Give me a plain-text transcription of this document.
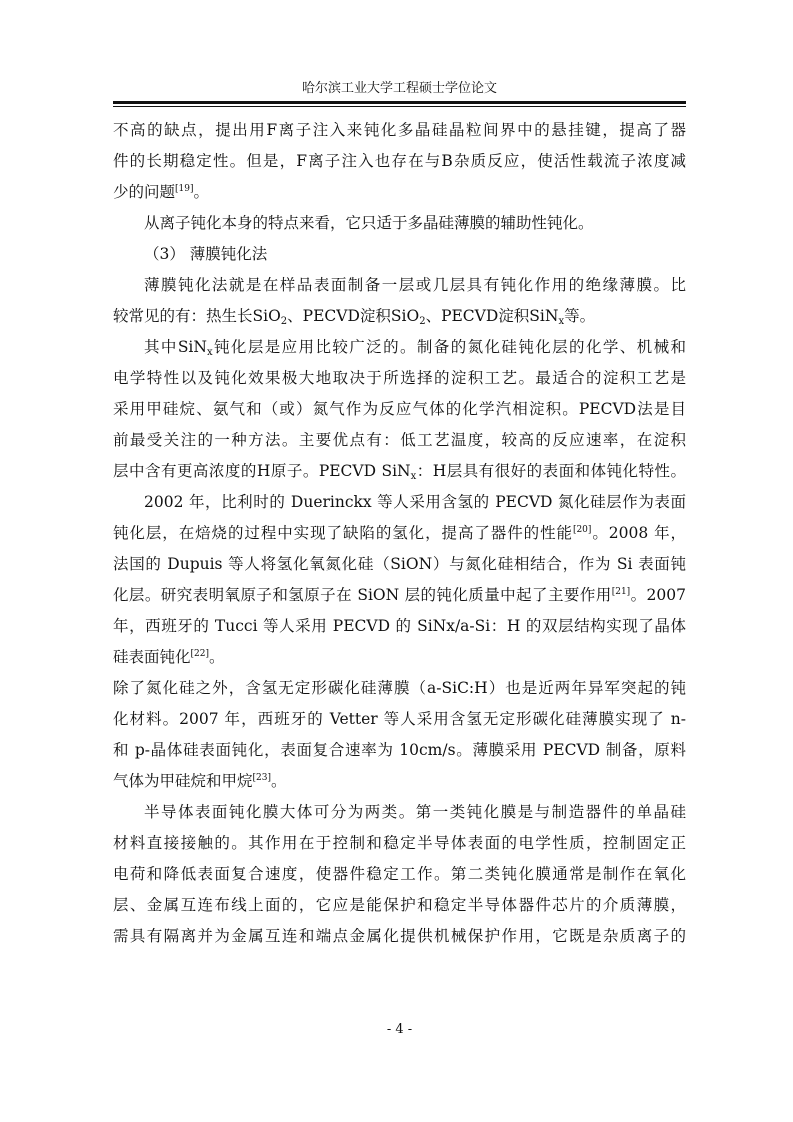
哈尔滨工业大学工程硕士学位论文
不高的缺点，提出用F离子注入来钝化多晶硅晶粒间界中的悬挂键，提高了器
件的长期稳定性。但是，F离子注入也存在与B杂质反应，使活性载流子浓度减
少的问题[19]。
从离子钝化本身的特点来看，它只适于多晶硅薄膜的辅助性钝化。
（3） 薄膜钝化法
薄膜钝化法就是在样品表面制备一层或几层具有钝化作用的绝缘薄膜。比
较常见的有：热生长SiO$_2$、PECVD淀积SiO$_2$、PECVD淀积SiN$_x$等。
其中SiN$_x$钝化层是应用比较广泛的。制备的氮化硅钝化层的化学、机械和
电学特性以及钝化效果极大地取决于所选择的淀积工艺。最适合的淀积工艺是
采用甲硅烷、氨气和（或）氮气作为反应气体的化学汽相淀积。PECVD法是目
前最受关注的一种方法。主要优点有：低工艺温度，较高的反应速率，在淀积
层中含有更高浓度的H原子。PECVD SiN$_x$：H层具有很好的表面和体钝化特性。
2002 年，比利时的 Duerinckx 等人采用含氢的 PECVD 氮化硅层作为表面
钝化层，在焙烧的过程中实现了缺陷的氢化，提高了器件的性能[20]。2008 年，
法国的 Dupuis 等人将氢化氧氮化硅（SiON）与氮化硅相结合，作为 Si 表面钝
化层。研究表明氧原子和氢原子在 SiON 层的钝化质量中起了主要作用[21]。2007
年，西班牙的 Tucci 等人采用 PECVD 的 SiNx/a-Si：H 的双层结构实现了晶体
硅表面钝化[22]。
除了氮化硅之外，含氢无定形碳化硅薄膜（a-SiC:H）也是近两年异军突起的钝
化材料。2007 年，西班牙的 Vetter 等人采用含氢无定形碳化硅薄膜实现了 n-
和 p-晶体硅表面钝化，表面复合速率为 10cm/s。薄膜采用 PECVD 制备，原料
气体为甲硅烷和甲烷[23]。
半导体表面钝化膜大体可分为两类。第一类钝化膜是与制造器件的单晶硅
材料直接接触的。其作用在于控制和稳定半导体表面的电学性质，控制固定正
电荷和降低表面复合速度，使器件稳定工作。第二类钝化膜通常是制作在氧化
层、金属互连布线上面的，它应是能保护和稳定半导体器件芯片的介质薄膜，
需具有隔离并为金属互连和端点金属化提供机械保护作用，它既是杂质离子的
- 4 -
